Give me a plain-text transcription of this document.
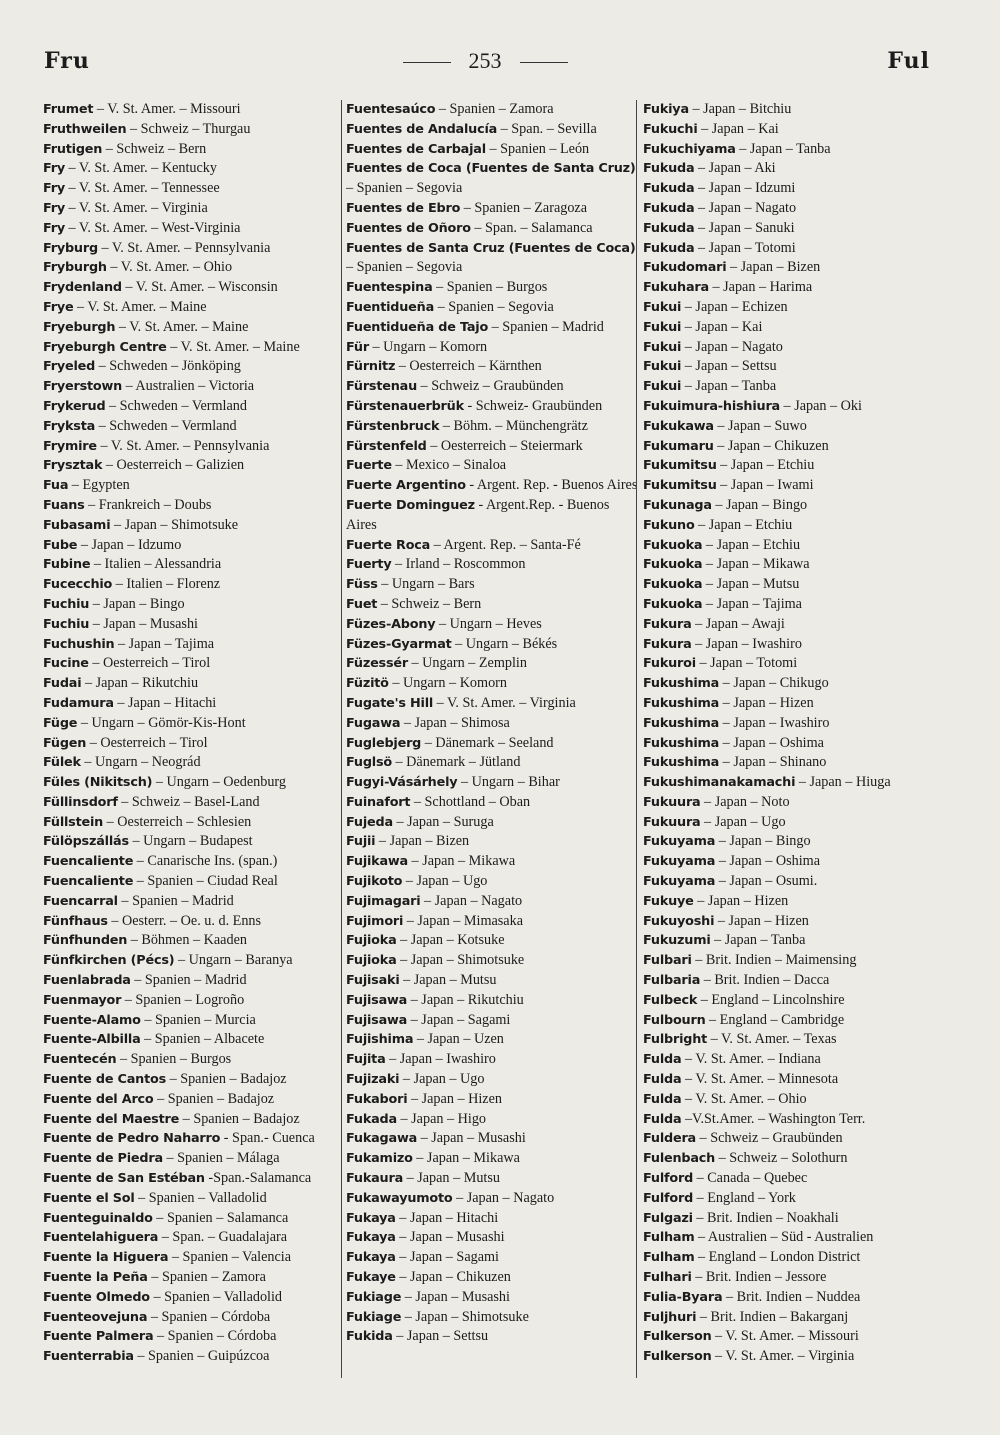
Fru	253	Ful
Frumet – V. St. Amer. – Missouri
Fruthweilen – Schweiz – Thurgau
Frutigen – Schweiz – Bern
Fry – V. St. Amer. – Kentucky
Fry – V. St. Amer. – Tennessee
Fry – V. St. Amer. – Virginia
Fry – V. St. Amer. – West-Virginia
Fryburg – V. St. Amer. – Pennsylvania
Fryburgh – V. St. Amer. – Ohio
Frydenland – V. St. Amer. – Wisconsin
Frye – V. St. Amer. – Maine
Fryeburgh – V. St. Amer. – Maine
Fryeburgh Centre – V. St. Amer. – Maine
Fryeled – Schweden – Jönköping
Fryerstown – Australien – Victoria
Frykerud – Schweden – Vermland
Fryksta – Schweden – Vermland
Frymire – V. St. Amer. – Pennsylvania
Frysztak – Oesterreich – Galizien
Fua – Egypten
Fuans – Frankreich – Doubs
Fubasami – Japan – Shimotsuke
Fube – Japan – Idzumo
Fubine – Italien – Alessandria
Fucecchio – Italien – Florenz
Fuchiu – Japan – Bingo
Fuchiu – Japan – Musashi
Fuchushin – Japan – Tajima
Fucine – Oesterreich – Tirol
Fudai – Japan – Rikutchiu
Fudamura – Japan – Hitachi
Füge – Ungarn – Gömör-Kis-Hont
Fügen – Oesterreich – Tirol
Fülek – Ungarn – Neográd
Füles (Nikitsch) – Ungarn – Oedenburg
Füllinsdorf – Schweiz – Basel-Land
Füllstein – Oesterreich – Schlesien
Fülöpszállás – Ungarn – Budapest
Fuencaliente – Canarische Ins. (span.)
Fuencaliente – Spanien – Ciudad Real
Fuencarral – Spanien – Madrid
Fünfhaus – Oesterr. – Oe. u. d. Enns
Fünfhunden – Böhmen – Kaaden
Fünfkirchen (Pécs) – Ungarn – Baranya
Fuenlabrada – Spanien – Madrid
Fuenmayor – Spanien – Logroño
Fuente-Alamo – Spanien – Murcia
Fuente-Albilla – Spanien – Albacete
Fuentecén – Spanien – Burgos
Fuente de Cantos – Spanien – Badajoz
Fuente del Arco – Spanien – Badajoz
Fuente del Maestre – Spanien – Badajoz
Fuente de Pedro Naharro - Span.- Cuenca
Fuente de Piedra – Spanien – Málaga
Fuente de San Estéban -Span.-Salamanca
Fuente el Sol – Spanien – Valladolid
Fuenteguinaldo – Spanien – Salamanca
Fuentelahiguera – Span. – Guadalajara
Fuente la Higuera – Spanien – Valencia
Fuente la Peña – Spanien – Zamora
Fuente Olmedo – Spanien – Valladolid
Fuenteovejuna – Spanien – Córdoba
Fuente Palmera – Spanien – Córdoba
Fuenterrabia – Spanien – Guipúzcoa
Fuentesaúco – Spanien – Zamora
Fuentes de Andalucía – Span. – Sevilla
Fuentes de Carbajal – Spanien – León
Fuentes de Coca (Fuentes de Santa Cruz) – Spanien – Segovia
Fuentes de Ebro – Spanien – Zaragoza
Fuentes de Oñoro – Span. – Salamanca
Fuentes de Santa Cruz (Fuentes de Coca) – Spanien – Segovia
Fuentespina – Spanien – Burgos
Fuentidueña – Spanien – Segovia
Fuentidueña de Tajo – Spanien – Madrid
Für – Ungarn – Komorn
Fürnitz – Oesterreich – Kärnthen
Fürstenau – Schweiz – Graubünden
Fürstenauerbrük - Schweiz- Graubünden
Fürstenbruck – Böhm. – Münchengrätz
Fürstenfeld – Oesterreich – Steiermark
Fuerte – Mexico – Sinaloa
Fuerte Argentino - Argent. Rep. - Buenos Aires
Fuerte Dominguez - Argent.Rep. - Buenos Aires
Fuerte Roca – Argent. Rep. – Santa-Fé
Fuerty – Irland – Roscommon
Füss – Ungarn – Bars
Fuet – Schweiz – Bern
Füzes-Abony – Ungarn – Heves
Füzes-Gyarmat – Ungarn – Békés
Füzessér – Ungarn – Zemplin
Füzitö – Ungarn – Komorn
Fugate's Hill – V. St. Amer. – Virginia
Fugawa – Japan – Shimosa
Fuglebjerg – Dänemark – Seeland
Fuglsö – Dänemark – Jütland
Fugyi-Vásárhely – Ungarn – Bihar
Fuinafort – Schottland – Oban
Fujeda – Japan – Suruga
Fujii – Japan – Bizen
Fujikawa – Japan – Mikawa
Fujikoto – Japan – Ugo
Fujimagari – Japan – Nagato
Fujimori – Japan – Mimasaka
Fujioka – Japan – Kotsuke
Fujioka – Japan – Shimotsuke
Fujisaki – Japan – Mutsu
Fujisawa – Japan – Rikutchiu
Fujisawa – Japan – Sagami
Fujishima – Japan – Uzen
Fujita – Japan – Iwashiro
Fujizaki – Japan – Ugo
Fukabori – Japan – Hizen
Fukada – Japan – Higo
Fukagawa – Japan – Musashi
Fukamizo – Japan – Mikawa
Fukaura – Japan – Mutsu
Fukawayumoto – Japan – Nagato
Fukaya – Japan – Hitachi
Fukaya – Japan – Musashi
Fukaya – Japan – Sagami
Fukaye – Japan – Chikuzen
Fukiage – Japan – Musashi
Fukiage – Japan – Shimotsuke
Fukida – Japan – Settsu
Fukiya – Japan – Bitchiu
Fukuchi – Japan – Kai
Fukuchiyama – Japan – Tanba
Fukuda – Japan – Aki
Fukuda – Japan – Idzumi
Fukuda – Japan – Nagato
Fukuda – Japan – Sanuki
Fukuda – Japan – Totomi
Fukudomari – Japan – Bizen
Fukuhara – Japan – Harima
Fukui – Japan – Echizen
Fukui – Japan – Kai
Fukui – Japan – Nagato
Fukui – Japan – Settsu
Fukui – Japan – Tanba
Fukuimura-hishiura – Japan – Oki
Fukukawa – Japan – Suwo
Fukumaru – Japan – Chikuzen
Fukumitsu – Japan – Etchiu
Fukumitsu – Japan – Iwami
Fukunaga – Japan – Bingo
Fukuno – Japan – Etchiu
Fukuoka – Japan – Etchiu
Fukuoka – Japan – Mikawa
Fukuoka – Japan – Mutsu
Fukuoka – Japan – Tajima
Fukura – Japan – Awaji
Fukura – Japan – Iwashiro
Fukuroi – Japan – Totomi
Fukushima – Japan – Chikugo
Fukushima – Japan – Hizen
Fukushima – Japan – Iwashiro
Fukushima – Japan – Oshima
Fukushima – Japan – Shinano
Fukushimanakamachi – Japan – Hiuga
Fukuura – Japan – Noto
Fukuura – Japan – Ugo
Fukuyama – Japan – Bingo
Fukuyama – Japan – Oshima
Fukuyama – Japan – Osumi.
Fukuye – Japan – Hizen
Fukuyoshi – Japan – Hizen
Fukuzumi – Japan – Tanba
Fulbari – Brit. Indien – Maimensing
Fulbaria – Brit. Indien – Dacca
Fulbeck – England – Lincolnshire
Fulbourn – England – Cambridge
Fulbright – V. St. Amer. – Texas
Fulda – V. St. Amer. – Indiana
Fulda – V. St. Amer. – Minnesota
Fulda – V. St. Amer. – Ohio
Fulda –V.St.Amer. – Washington Terr.
Fuldera – Schweiz – Graubünden
Fulenbach – Schweiz – Solothurn
Fulford – Canada – Quebec
Fulford – England – York
Fulgazi – Brit. Indien – Noakhali
Fulham – Australien – Süd - Australien
Fulham – England – London District
Fulhari – Brit. Indien – Jessore
Fulia-Byara – Brit. Indien – Nuddea
Fuljhuri – Brit. Indien – Bakarganj
Fulkerson – V. St. Amer. – Missouri
Fulkerson – V. St. Amer. – Virginia
